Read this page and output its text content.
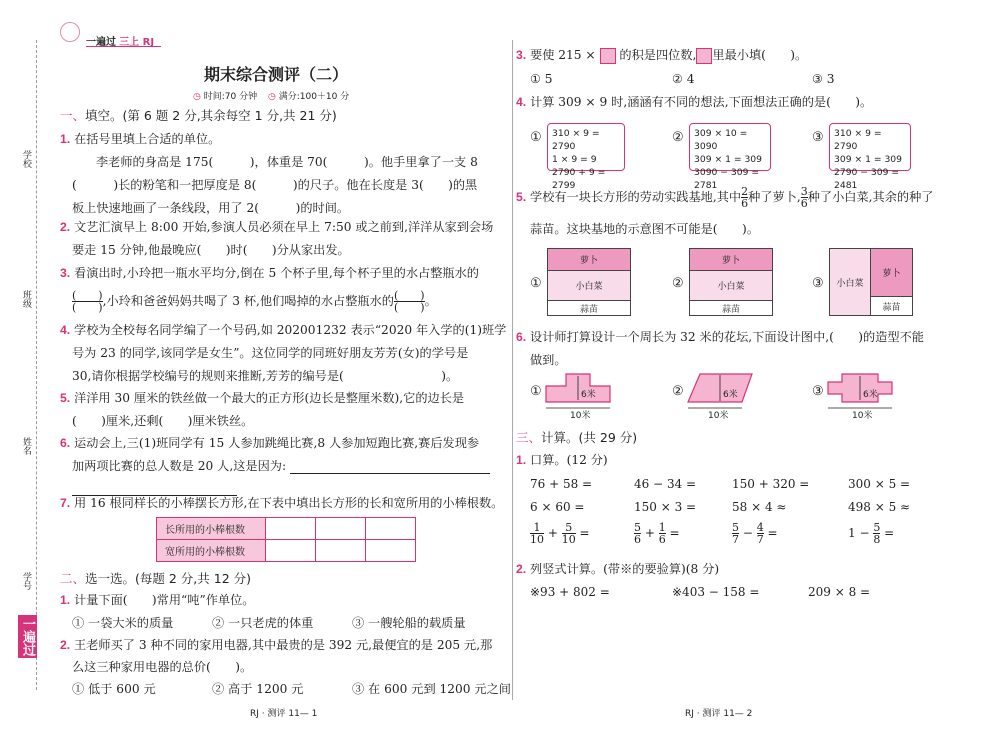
学校
班级
姓名
学号
一遍过
一遍过 三上 RJ
期末综合测评（二）
◷ 时间:70 分钟 ◷ 满分:100＋10 分
一、填空。(第 6 题 2 分,其余每空 1 分,共 21 分)
1. 在括号里填上合适的单位。
李老师的身高是 175(　　　)，体重是 70(　　　)。他手里拿了一支 8
(　　　)长的粉笔和一把厚度是 8(　　　)的尺子。他在长度是 3(　　)的黑
板上快速地画了一条线段，用了 2(　　　)的时间。
2. 文艺汇演早上 8:00 开始,参演人员必须在早上 7:50 或之前到,洋洋从家到会场
要走 15 分钟,他最晚应(　　)时(　　)分从家出发。
3. 看演出时,小玲把一瓶水平均分,倒在 5 个杯子里,每个杯子里的水占整瓶水的
$\frac{( )}{( )}$ ,小玲和爸爸妈妈共喝了 3 杯,他们喝掉的水占整瓶水的 $\frac{( )}{( )}$ 。
4. 学校为全校每名同学编了一个号码,如 202001232 表示“2020 年入学的(1)班学
号为 23 的同学,该同学是女生”。这位同学的同班好朋友芳芳(女)的学号是
30,请你根据学校编号的规则来推断,芳芳的编号是(　　　　　　　　)。
5. 洋洋用 30 厘米的铁丝做一个最大的正方形(边长是整厘米数),它的边长是
(　　)厘米,还剩(　　)厘米铁丝。
6. 运动会上,三(1)班同学有 15 人参加跳绳比赛,8 人参加短跑比赛,赛后发现参
加两项比赛的总人数是 20 人,这是因为:
7. 用 16 根同样长的小棒摆长方形,在下表中填出长方形的长和宽所用的小棒根数。
长所用的小棒根数			
宽所用的小棒根数			
二、选一选。(每题 2 分,共 12 分)
1. 计量下面(　　)常用“吨”作单位。
① 一袋大米的质量	② 一只老虎的体重	③ 一艘轮船的载质量
2. 王老师买了 3 种不同的家用电器,其中最贵的是 392 元,最便宜的是 205 元,那
么这三种家用电器的总价(　　)。
① 低于 600 元	② 高于 1200 元	③ 在 600 元到 1200 元之间
RJ · 测评 11— 1
3. 要使 215 × 的积是四位数, 里最小填(　　)。
① 5	② 4	③ 3
4. 计算 309 × 9 时,涵涵有不同的想法,下面想法正确的是(　　)。
① 310 × 9 = 2790
1 × 9 = 9
2790 + 9 = 2799
② 309 × 10 = 3090
309 × 1 = 309
3090 − 309 = 2781
③ 310 × 9 = 2790
309 × 1 = 309
2790 − 309 = 2481
5. 学校有一块长方形的劳动实践基地,其中 $\frac{2}{6}$ 种了萝卜, $\frac{3}{6}$ 种了小白菜,其余的种了
蒜苗。这块基地的示意图不可能是(　　)。
①
萝卜
小白菜
蒜苗
②
萝卜
小白菜
蒜苗
③	小白菜
萝卜
蒜苗
6. 设计师打算设计一个周长为 32 米的花坛,下面设计图中,(　　)的造型不能
做到。
①	6米
10米
②	6米
10米
③	6米
10米
三、计算。(共 29 分)
1. 口算。(12 分)
76 + 58 =	46 − 34 =	150 + 320 =	300 × 5 =
6 × 60 =	150 × 3 =	58 × 4 ≈	498 × 5 ≈
$\frac{1}{10} + \frac{5}{10}$ =	$\frac{5}{6} + \frac{1}{6}$ =	$\frac{5}{7} - \frac{4}{7}$ =	$1 - \frac{5}{8}$ =
2. 列竖式计算。(带※的要验算)(8 分)
※93 + 802 =	※403 − 158 =	209 × 8 =
RJ · 测评 11— 2
